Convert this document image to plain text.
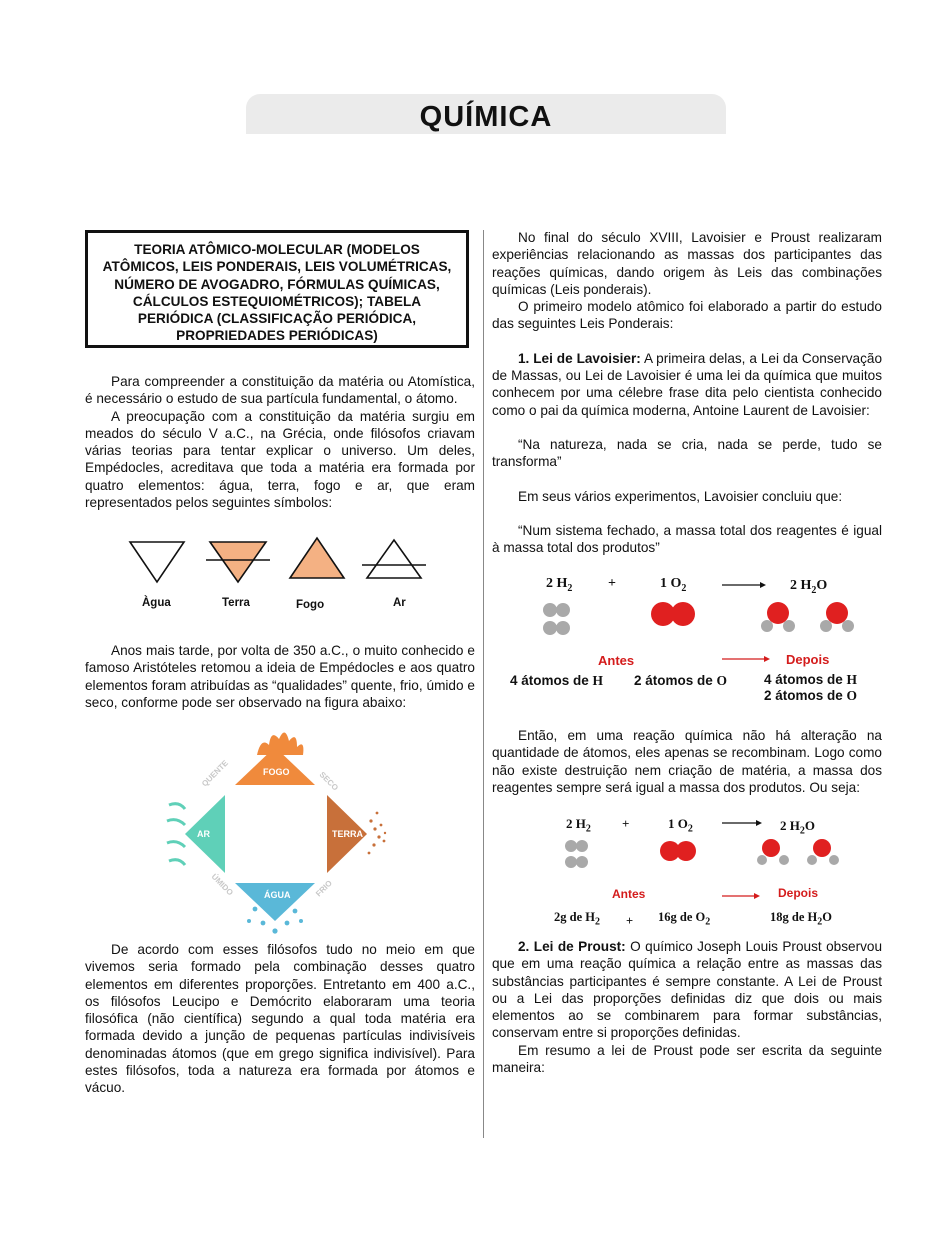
QUÍMICA
TEORIA ATÔMICO-MOLECULAR (MODELOS ATÔMICOS, LEIS PONDERAIS, LEIS VOLUMÉTRICAS, NÚMERO DE AVOGADRO, FÓRMULAS QUÍMICAS, CÁLCULOS ESTEQUIOMÉTRICOS); TABELA PERIÓDICA (CLASSIFICAÇÃO PERIÓDICA, PROPRIEDADES PERIÓDICAS)

Para compreender a constituição da matéria ou Atomística, é necessário o estudo de sua partícula fundamental, o átomo.

A preocupação com a constituição da matéria surgiu em meados do século V a.C., na Grécia, onde filósofos criavam várias teorias para tentar explicar o universo. Um deles, Empédocles, acreditava que toda a matéria era formada por quatro elementos: água, terra, fogo e ar, que eram representados pelos seguintes símbolos:

Àgua	Terra	Fogo	Ar

Anos mais tarde, por volta de 350 a.C., o muito conhecido e famoso Aristóteles retomou a ideia de Empédocles e aos quatro elementos foram atribuídas as “qualidades” quente, frio, úmido e seco, conforme pode ser observado na figura abaixo:

FOGO
AR	TERRA
ÁGUA
QUENTE	SECO
ÚMIDO	FRIO

De acordo com esses filósofos tudo no meio em que vivemos seria formado pela combinação desses quatro elementos em diferentes proporções. Entretanto em 400 a.C., os filósofos Leucipo e Demócrito elaboraram uma teoria filosófica (não científica) segundo a qual toda matéria era formada devido a junção de pequenas partículas indivisíveis denominadas átomos (que em grego significa indivisível). Para estes filósofos, toda a natureza era formada por átomos e vácuo.

No final do século XVIII, Lavoisier e Proust realizaram experiências relacionando as massas dos participantes das reações químicas, dando origem às Leis das combinações químicas (Leis ponderais).

O primeiro modelo atômico foi elaborado a partir do estudo das seguintes Leis Ponderais:

1. Lei de Lavoisier: A primeira delas, a Lei da Conservação de Massas, ou Lei de Lavoisier é uma lei da química que muitos conhecem por uma célebre frase dita pelo cientista conhecido como o pai da química moderna, Antoine Laurent de Lavoisier:

“Na natureza, nada se cria, nada se perde, tudo se transforma”

Em seus vários experimentos, Lavoisier concluiu que:

“Num sistema fechado, a massa total dos reagentes é igual à massa total dos produtos”

2 $H_2$	+	1 $O_2$	2 $H_2O$
Antes	Depois
4 átomos de H 2 átomos de O	4 átomos de H
2 átomos de O

Então, em uma reação química não há alteração na quantidade de átomos, eles apenas se recombinam. Logo como não existe destruição nem criação de matéria, a massa dos reagentes sempre será igual a massa dos produtos. Ou seja:

2 $H_2$ +	1 $O_2$	2 $H_2O$
Antes	Depois
2g de $H_2 + 16g$ de $O_2$	18g de $H_2O$

2. Lei de Proust: O químico Joseph Louis Proust observou que em uma reação química a relação entre as massas das substâncias participantes é sempre constante. A Lei de Proust ou a Lei das proporções definidas diz que dois ou mais elementos ao se combinarem para formar substâncias, conservam entre si proporções definidas.

Em resumo a lei de Proust pode ser escrita da seguinte maneira:
